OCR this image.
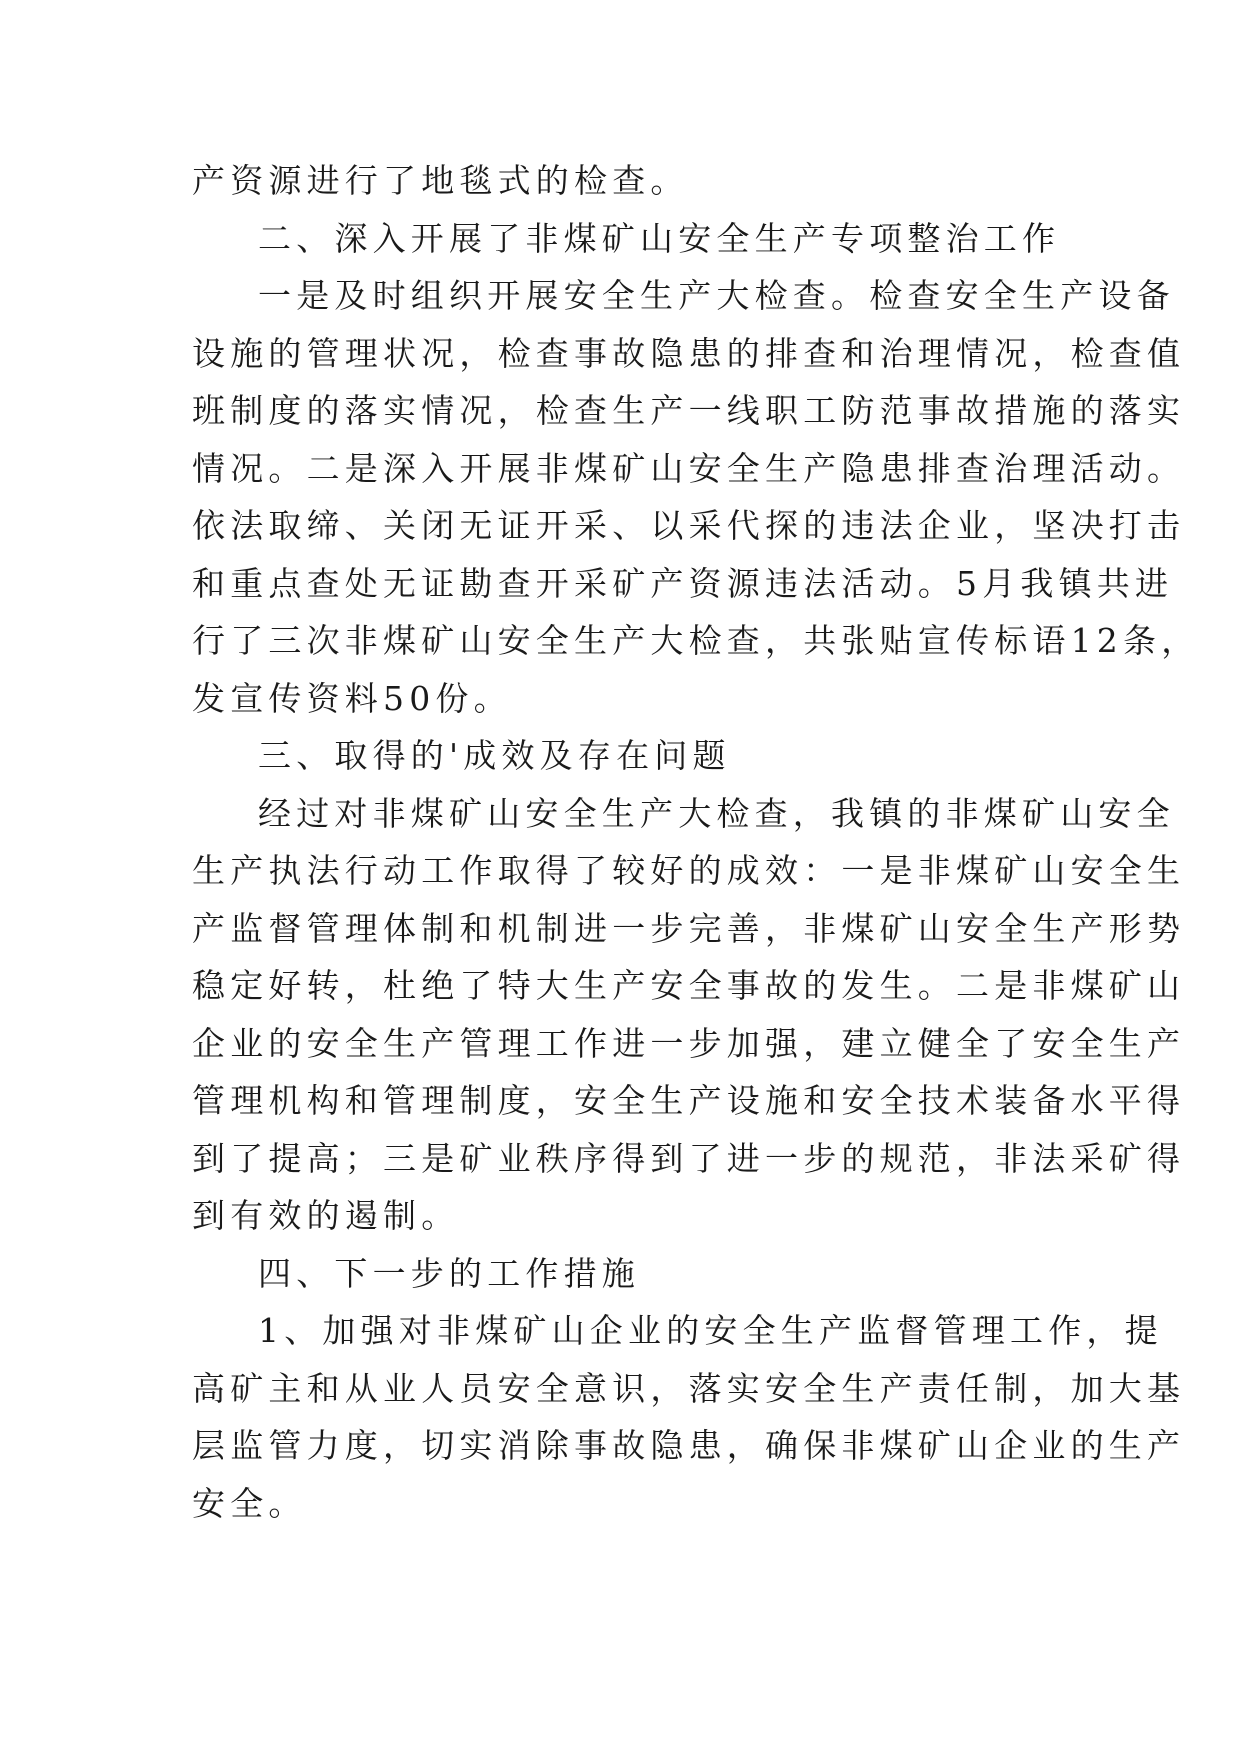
产资源进行了地毯式的检查。

二、深入开展了非煤矿山安全生产专项整治工作

一是及时组织开展安全生产大检查。检查安全生产设备

设施的管理状况，检查事故隐患的排查和治理情况，检查值

班制度的落实情况，检查生产一线职工防范事故措施的落实

情况。二是深入开展非煤矿山安全生产隐患排查治理活动。

依法取缔、关闭无证开采、以采代探的违法企业，坚决打击

和重点查处无证勘查开采矿产资源违法活动。5月我镇共进

行了三次非煤矿山安全生产大检查，共张贴宣传标语12条，

发宣传资料50份。

三、取得的'成效及存在问题

经过对非煤矿山安全生产大检查，我镇的非煤矿山安全

生产执法行动工作取得了较好的成效：一是非煤矿山安全生

产监督管理体制和机制进一步完善，非煤矿山安全生产形势

稳定好转，杜绝了特大生产安全事故的发生。二是非煤矿山

企业的安全生产管理工作进一步加强，建立健全了安全生产

管理机构和管理制度，安全生产设施和安全技术装备水平得

到了提高；三是矿业秩序得到了进一步的规范，非法采矿得

到有效的遏制。

四、下一步的工作措施

1、加强对非煤矿山企业的安全生产监督管理工作，提

高矿主和从业人员安全意识，落实安全生产责任制，加大基

层监管力度，切实消除事故隐患，确保非煤矿山企业的生产

安全。
